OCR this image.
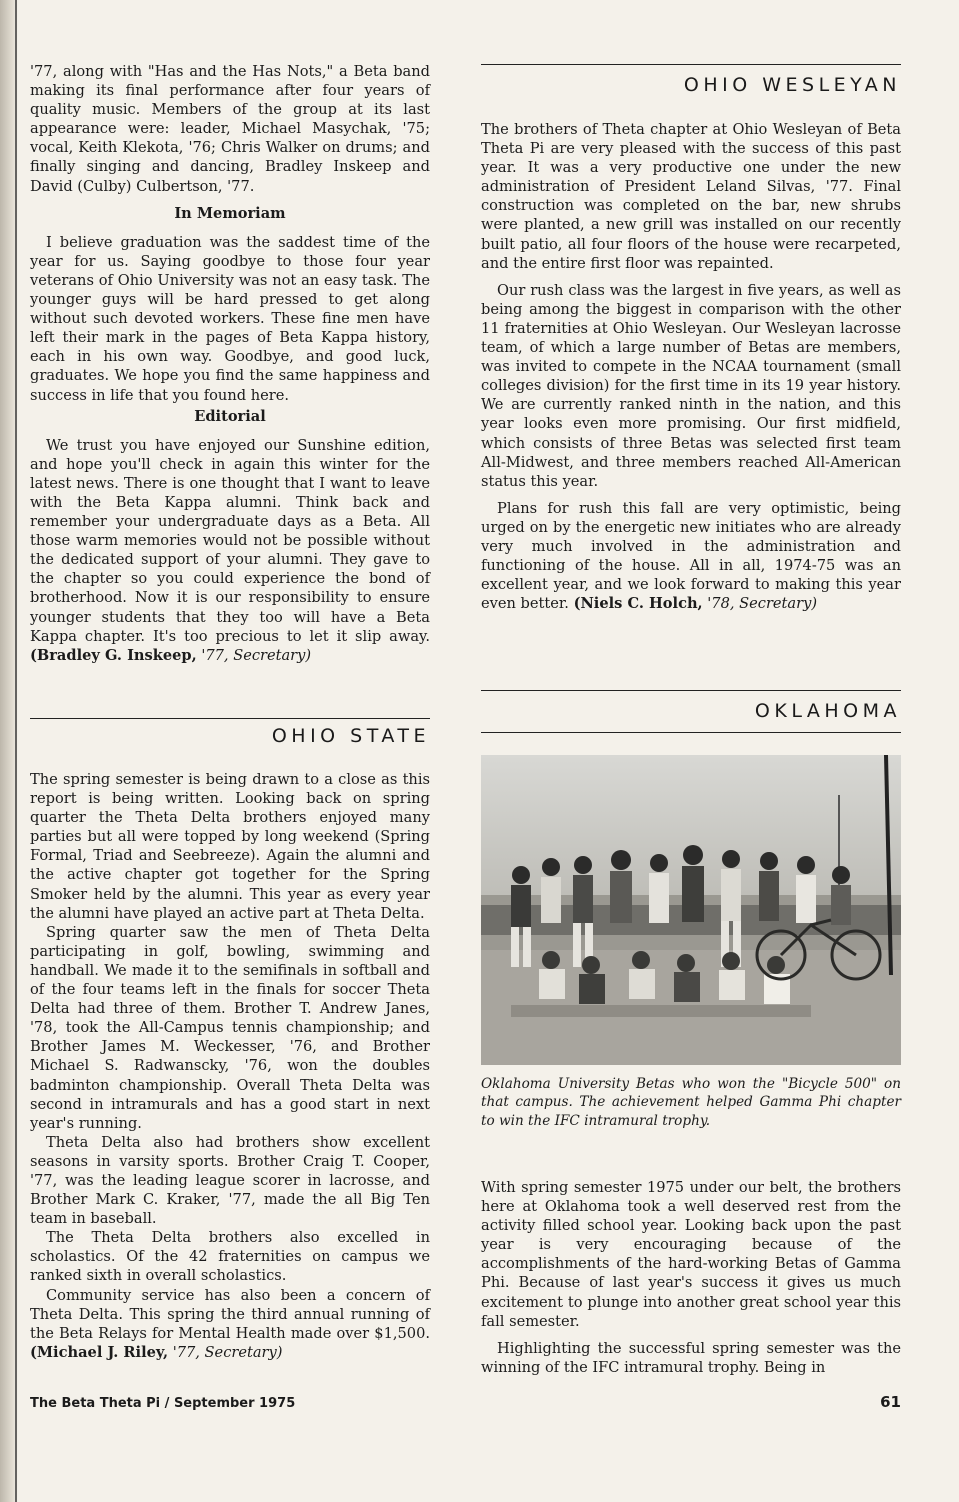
'77, along with "Has and the Has Nots," a Beta band making its final performance after four years of quality music. Members of the group at its last appearance were: leader, Michael Masychak, '75; vocal, Keith Klekota, '76; Chris Walker on drums; and finally singing and dancing, Bradley Inskeep and David (Culby) Culbertson, '77.

In Memoriam

I believe graduation was the saddest time of the year for us. Saying goodbye to those four year veterans of Ohio University was not an easy task. The younger guys will be hard pressed to get along without such devoted workers. These fine men have left their mark in the pages of Beta Kappa history, each in his own way. Goodbye, and good luck, graduates. We hope you find the same happiness and success in life that you found here.

Editorial

We trust you have enjoyed our Sunshine edition, and hope you'll check in again this winter for the latest news. There is one thought that I want to leave with the Beta Kappa alumni. Think back and remember your undergraduate days as a Beta. All those warm memories would not be possible without the dedicated support of your alumni. They gave to the chapter so you could experience the bond of brotherhood. Now it is our responsibility to ensure younger students that they too will have a Beta Kappa chapter. It's too precious to let it slip away. (Bradley G. Inskeep, '77, Secretary)

OHIO STATE

The spring semester is being drawn to a close as this report is being written. Looking back on spring quarter the Theta Delta brothers enjoyed many parties but all were topped by long weekend (Spring Formal, Triad and Seebreeze). Again the alumni and the active chapter got together for the Spring Smoker held by the alumni. This year as every year the alumni have played an active part at Theta Delta.

Spring quarter saw the men of Theta Delta participating in golf, bowling, swimming and handball. We made it to the semifinals in softball and of the four teams left in the finals for soccer Theta Delta had three of them. Brother T. Andrew Janes, '78, took the All-Campus tennis championship; and Brother James M. Weckesser, '76, and Brother Michael S. Radwanscky, '76, won the doubles badminton championship. Overall Theta Delta was second in intramurals and has a good start in next year's running.

Theta Delta also had brothers show excellent seasons in varsity sports. Brother Craig T. Cooper, '77, was the leading league scorer in lacrosse, and Brother Mark C. Kraker, '77, made the all Big Ten team in baseball.

The Theta Delta brothers also excelled in scholastics. Of the 42 fraternities on campus we ranked sixth in overall scholastics.

Community service has also been a concern of Theta Delta. This spring the third annual running of the Beta Relays for Mental Health made over $1,500. (Michael J. Riley, '77, Secretary)

OHIO WESLEYAN

The brothers of Theta chapter at Ohio Wesleyan of Beta Theta Pi are very pleased with the success of this past year. It was a very productive one under the new administration of President Leland Silvas, '77. Final construction was completed on the bar, new shrubs were planted, a new grill was installed on our recently built patio, all four floors of the house were recarpeted, and the entire first floor was repainted.

Our rush class was the largest in five years, as well as being among the biggest in comparison with the other 11 fraternities at Ohio Wesleyan. Our Wesleyan lacrosse team, of which a large number of Betas are members, was invited to compete in the NCAA tournament (small colleges division) for the first time in its 19 year history. We are currently ranked ninth in the nation, and this year looks even more promising. Our first midfield, which consists of three Betas was selected first team All-Midwest, and three members reached All-American status this year.

Plans for rush this fall are very optimistic, being urged on by the energetic new initiates who are already very much involved in the administration and functioning of the house. All in all, 1974-75 was an excellent year, and we look forward to making this year even better. (Niels C. Holch, '78, Secretary)

OKLAHOMA
Oklahoma University Betas who won the "Bicycle 500" on that campus. The achievement helped Gamma Phi chapter to win the IFC intramural trophy.

With spring semester 1975 under our belt, the brothers here at Oklahoma took a well deserved rest from the activity filled school year. Looking back upon the past year is very encouraging because of the accomplishments of the hard-working Betas of Gamma Phi. Because of last year's success it gives us much excitement to plunge into another great school year this fall semester.

Highlighting the successful spring semester was the winning of the IFC intramural trophy. Being in

The Beta Theta Pi / September 1975	61
